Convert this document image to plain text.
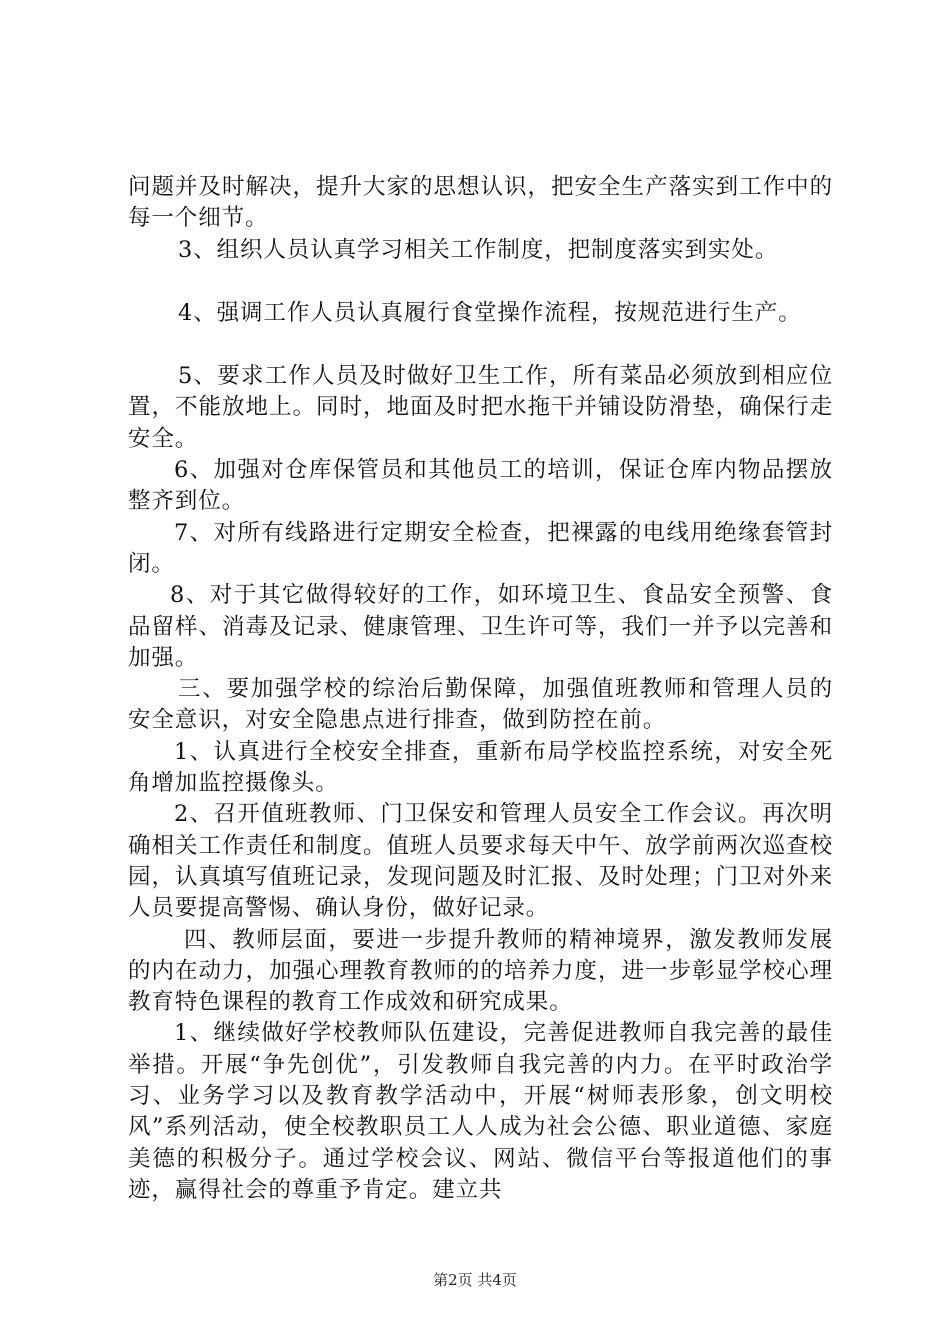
问题并及时解决，提升大家的思想认识，把安全生产落实到工作中的每一个细节。

3、组织人员认真学习相关工作制度，把制度落实到实处。

4、强调工作人员认真履行食堂操作流程，按规范进行生产。

5、要求工作人员及时做好卫生工作，所有菜品必须放到相应位置，不能放地上。同时，地面及时把水拖干并铺设防滑垫，确保行走安全。

6、加强对仓库保管员和其他员工的培训，保证仓库内物品摆放整齐到位。

7、对所有线路进行定期安全检查，把裸露的电线用绝缘套管封闭。

8、对于其它做得较好的工作，如环境卫生、食品安全预警、食品留样、消毒及记录、健康管理、卫生许可等，我们一并予以完善和加强。

三、要加强学校的综治后勤保障，加强值班教师和管理人员的安全意识，对安全隐患点进行排查，做到防控在前。

1、认真进行全校安全排查，重新布局学校监控系统，对安全死角增加监控摄像头。

2、召开值班教师、门卫保安和管理人员安全工作会议。再次明确相关工作责任和制度。值班人员要求每天中午、放学前两次巡查校园，认真填写值班记录，发现问题及时汇报、及时处理；门卫对外来人员要提高警惕、确认身份，做好记录。

四、教师层面，要进一步提升教师的精神境界，激发教师发展的内在动力，加强心理教育教师的的培养力度，进一步彰显学校心理教育特色课程的教育工作成效和研究成果。

1、继续做好学校教师队伍建设，完善促进教师自我完善的最佳举措。开展“争先创优”，引发教师自我完善的内力。在平时政治学习、业务学习以及教育教学活动中，开展“树师表形象，创文明校风”系列活动，使全校教职员工人人成为社会公德、职业道德、家庭美德的积极分子。通过学校会议、网站、微信平台等报道他们的事迹，赢得社会的尊重予肯定。建立共

第2页 共4页
